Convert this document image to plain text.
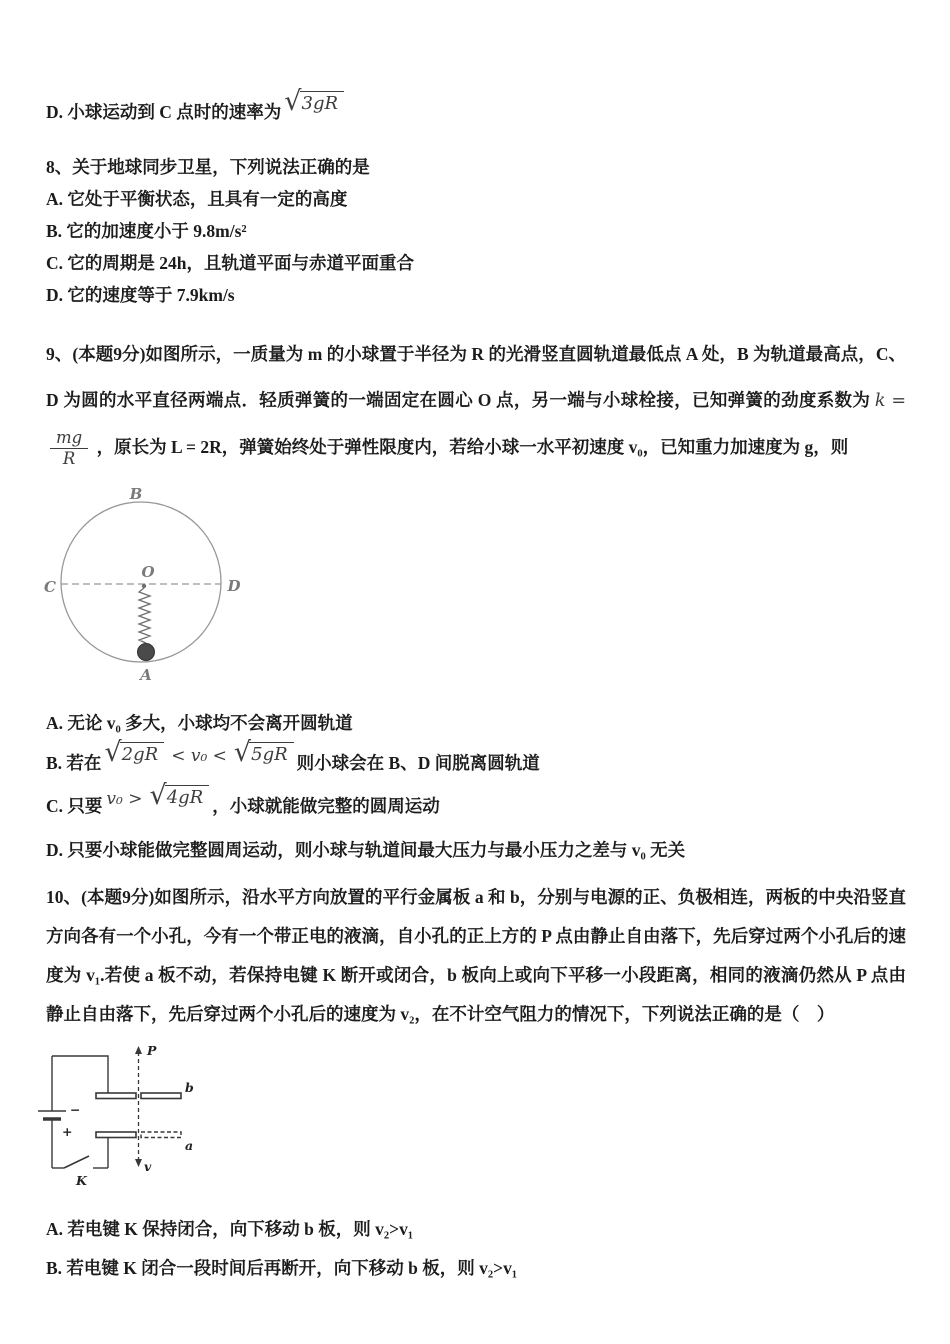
D. 小球运动到 C 点时的速率为 √ 3gR
8、关于地球同步卫星，下列说法正确的是
A. 它处于平衡状态，且具有一定的高度
B. 它的加速度小于 9.8m/s²
C. 它的周期是 24h，且轨道平面与赤道平面重合
D. 它的速度等于 7.9km/s
9、(本题9分)如图所示，一质量为 m 的小球置于半径为 R 的光滑竖直圆轨道最低点 A 处，B 为轨道最高点，C、D 为圆的水平直径两端点．轻质弹簧的一端固定在圆心 O 点，另一端与小球栓接，已知弹簧的劲度系数为 k =
$\frac{mg}{R}$ ，原长为 L = 2R，弹簧始终处于弹性限度内，若给小球一水平初速度 v₀，已知重力加速度为 g，则
B
C	D
O
A
A. 无论 v₀ 多大，小球均不会离开圆轨道
B. 若在 √ 2gR < v₀ < √ 5gR 则小球会在 B、D 间脱离圆轨道
C. 只要 v₀ > √ 4gR ，小球就能做完整的圆周运动
D. 只要小球能做完整圆周运动，则小球与轨道间最大压力与最小压力之差与 v₀ 无关
10、(本题9分)如图所示，沿水平方向放置的平行金属板 a 和 b，分别与电源的正、负极相连，两板的中央沿竖直方向各有一个小孔，今有一个带正电的液滴，自小孔的正上方的 P 点由静止自由落下，先后穿过两个小孔后的速度为 v₁.若使 a 板不动，若保持电键 K 断开或闭合，b 板向上或向下平移一小段距离，相同的液滴仍然从 P 点由静止自由落下，先后穿过两个小孔后的速度为 v₂，在不计空气阻力的情况下，下列说法正确的是（　）
−
+
K
b
a
P
v
A. 若电键 K 保持闭合，向下移动 b 板，则 v₂>v₁
B. 若电键 K 闭合一段时间后再断开，向下移动 b 板，则 v₂>v₁
